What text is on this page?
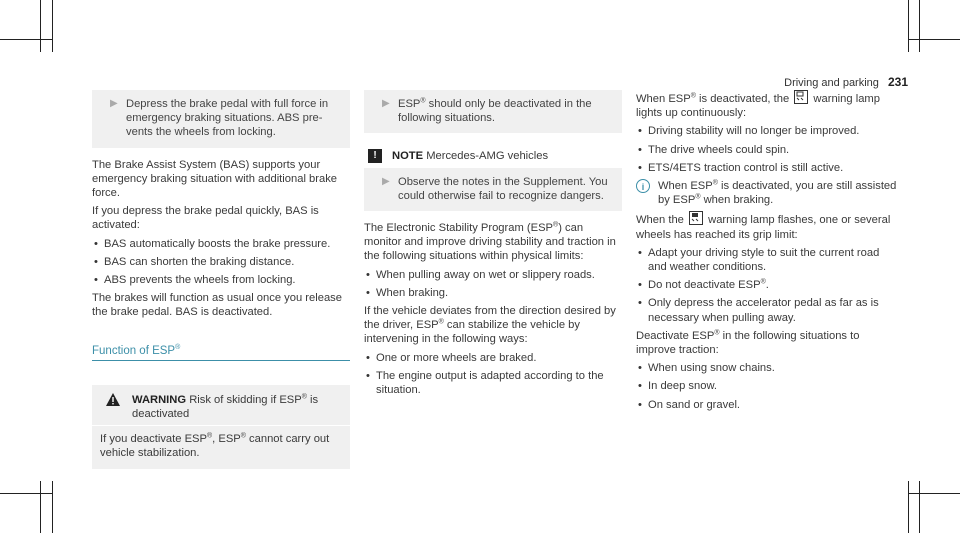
Driving and parking 231
▶ Depress the brake pedal with full force in
emergency braking situations. ABS pre-
vents the wheels from locking.

The Brake Assist System (BAS) supports your emergency braking situation with additional brake force.

If you depress the brake pedal quickly, BAS is activated:

• BAS automatically boosts the brake pressure.
• BAS can shorten the braking distance.
• ABS prevents the wheels from locking.

The brakes will function as usual once you release the brake pedal. BAS is deactivated.

Function of ESP®
WARNING Risk of skidding if ESP® is deactivated
If you deactivate ESP®, ESP® cannot carry out vehicle stabilization.
▶ ESP® should only be deactivated in the following situations.
!	NOTE
Mercedes-AMG vehicles
▶ Observe the notes in the Supplement. You could otherwise fail to recognize dangers.

The Electronic Stability Program (ESP®) can monitor and improve driving stability and traction in the following situations within physical limits:

• When pulling away on wet or slippery roads.
• When braking.

If the vehicle deviates from the direction desired by the driver, ESP® can stabilize the vehicle by intervening in the following ways:

• One or more wheels are braked.
• The engine output is adapted according to the situation.

When ESP® is deactivated, the
warning lamp lights up continuously:

• Driving stability will no longer be improved.
• The drive wheels could spin.
• ETS/4ETS traction control is still active.
i	When ESP® is deactivated, you are still assisted by ESP® when braking.

When the
warning lamp flashes, one or several wheels has reached its grip limit:

• Adapt your driving style to suit the current road and weather conditions.
• Do not deactivate ESP®.
• Only depress the accelerator pedal as far as is necessary when pulling away.

Deactivate ESP® in the following situations to improve traction:

• When using snow chains.
• In deep snow.
• On sand or gravel.
